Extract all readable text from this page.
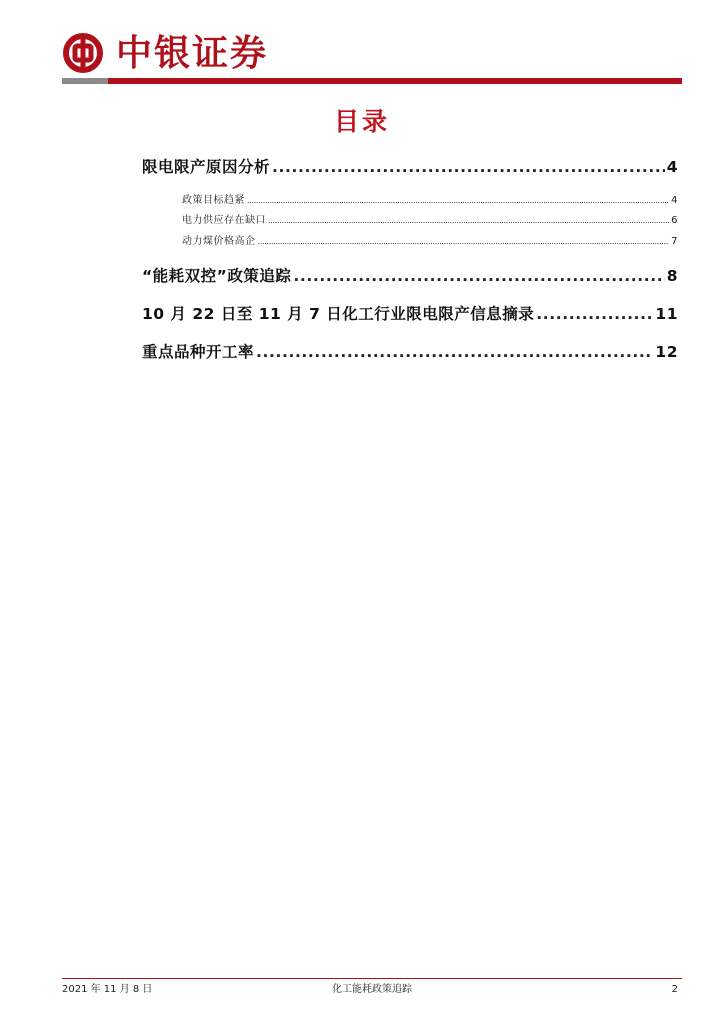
中银证券
目录
限电限产原因分析 .....	4
政策目标趋紧 .....	4
电力供应存在缺口 .....	6
动力煤价格高企 .....	7
“能耗双控”政策追踪 .....	8
10 月 22 日至 11 月 7 日化工行业限电限产信息摘录 .....	11
重点品种开工率 .....	12
2021 年 11 月 8 日	化工能耗政策追踪	2
